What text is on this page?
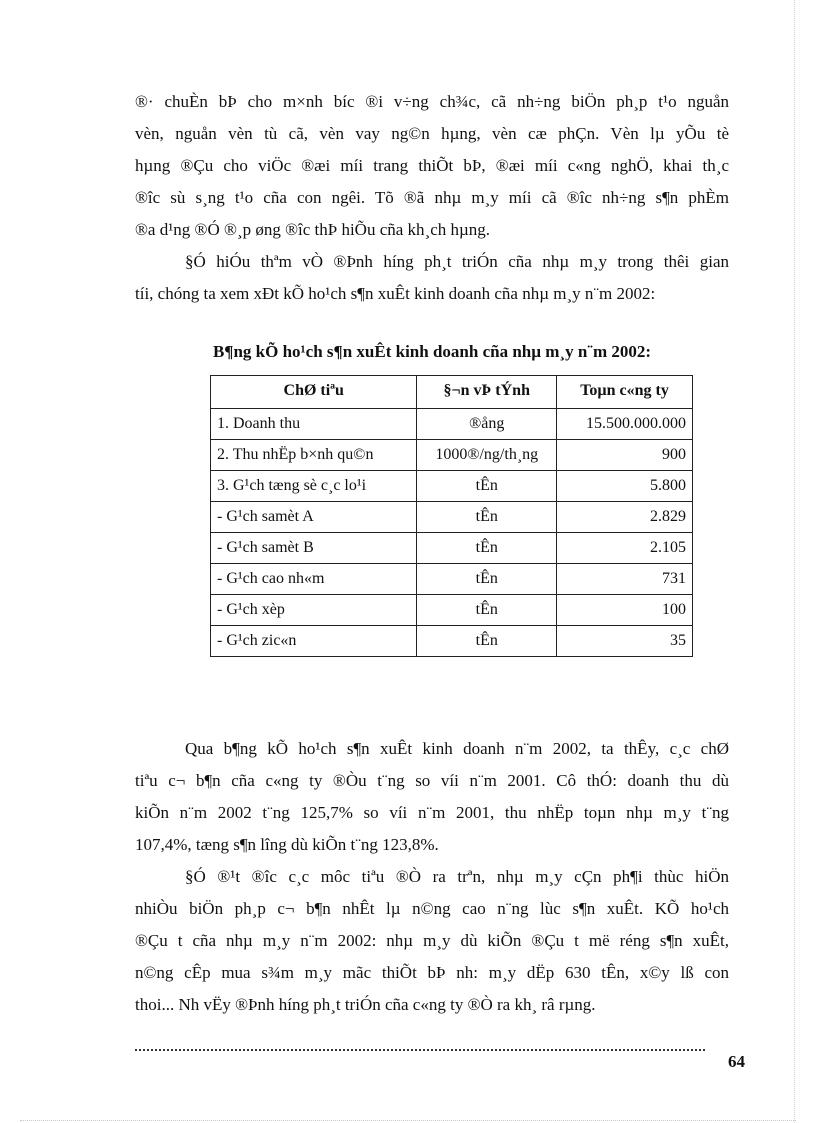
®· chuÈn bÞ cho m×nh bíc ®i v÷ng ch¾c, cã nh÷ng biÖn ph¸p t¹o nguån
vèn, nguån vèn tù cã, vèn vay ng©n hµng, vèn cæ phÇn. Vèn lµ yÕu tè
hµng ®Çu cho viÖc ®æi míi trang thiÕt bÞ, ®æi míi c«ng nghÖ, khai th¸c
®îc sù s¸ng t¹o cña con ngêi. Tõ ®ã nhµ m¸y míi cã ®îc nh÷ng s¶n phÈm
®a d¹ng ®Ó ®¸p øng ®îc thÞ hiÕu cña kh¸ch hµng.
§Ó hiÓu thªm vÒ ®Þnh híng ph¸t triÓn cña nhµ m¸y trong thêi gian
tíi, chóng ta xem xÐt kÕ ho¹ch s¶n xuÊt kinh doanh cña nhµ m¸y n¨m 2002:

B¶ng kÕ ho¹ch s¶n xuÊt kinh doanh cña nhµ m¸y n¨m 2002:

ChØ tiªu	§¬n vÞ tÝnh	Toµn c«ng ty
1. Doanh thu	®ång	15.500.000.000
2. Thu nhËp b×nh qu©n	1000®/ng/th¸ng	900
3. G¹ch tæng sè c¸c lo¹i	tÊn	5.800
- G¹ch samèt A	tÊn	2.829
- G¹ch samèt B	tÊn	2.105
- G¹ch cao nh«m	tÊn	731
- G¹ch xèp	tÊn	100
- G¹ch zic«n	tÊn	35
Qua b¶ng kÕ ho¹ch s¶n xuÊt kinh doanh n¨m 2002, ta thÊy, c¸c chØ
tiªu c¬ b¶n cña c«ng ty ®Òu t¨ng so víi n¨m 2001. Cô thÓ: doanh thu dù
kiÕn n¨m 2002 t¨ng 125,7% so víi n¨m 2001, thu nhËp toµn nhµ m¸y t¨ng
107,4%, tæng s¶n lîng dù kiÕn t¨ng 123,8%.
§Ó ®¹t ®îc c¸c môc tiªu ®Ò ra trªn, nhµ m¸y cÇn ph¶i thùc hiÖn
nhiÒu biÖn ph¸p c¬ b¶n nhÊt lµ n©ng cao n¨ng lùc s¶n xuÊt. KÕ ho¹ch
®Çu t cña nhµ m¸y n¨m 2002: nhµ m¸y dù kiÕn ®Çu t më réng s¶n xuÊt,
n©ng cÊp mua s¾m m¸y mãc thiÕt bÞ nh: m¸y dËp 630 tÊn, x©y lß con
thoi... Nh vËy ®Þnh híng ph¸t triÓn cña c«ng ty ®Ò ra kh¸ râ rµng.
64
